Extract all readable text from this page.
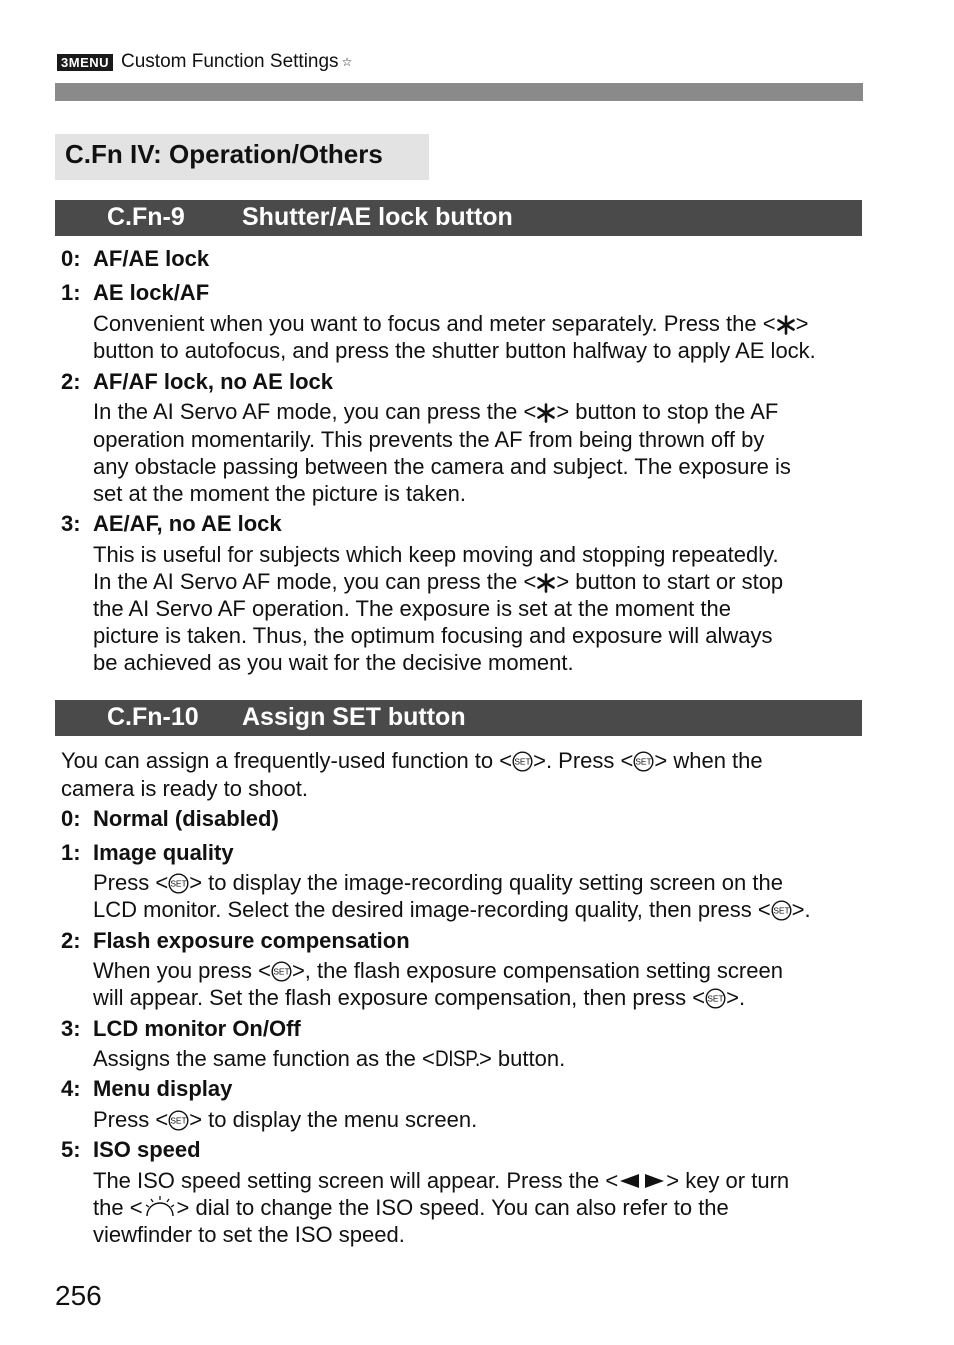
3MENU Custom Function Settings ☆
C.Fn IV: Operation/Others
C.Fn-9 Shutter/AE lock button
0: AF/AE lock
1: AE lock/AF
Convenient when you want to focus and meter separately. Press the < >
button to autofocus, and press the shutter button halfway to apply AE lock.
2: AF/AF lock, no AE lock
In the AI Servo AF mode, you can press the < > button to stop the AF
operation momentarily. This prevents the AF from being thrown off by
any obstacle passing between the camera and subject. The exposure is
set at the moment the picture is taken.
3: AE/AF, no AE lock
This is useful for subjects which keep moving and stopping repeatedly.
In the AI Servo AF mode, you can press the < > button to start or stop
the AI Servo AF operation. The exposure is set at the moment the
picture is taken. Thus, the optimum focusing and exposure will always
be achieved as you wait for the decisive moment.
C.Fn-10 Assign SET button
You can assign a frequently-used function to < SET >. Press < SET > when the
camera is ready to shoot.
0: Normal (disabled)
1: Image quality
Press < SET > to display the image-recording quality setting screen on the
LCD monitor. Select the desired image-recording quality, then press < SET >.
2: Flash exposure compensation
When you press < SET >, the flash exposure compensation setting screen
will appear. Set the flash exposure compensation, then press < SET >.
3: LCD monitor On/Off
Assigns the same function as the <DISP.> button.
4: Menu display
Press < SET > to display the menu screen.
5: ISO speed
The ISO speed setting screen will appear. Press the < > key or turn
the < > dial to change the ISO speed. You can also refer to the
viewfinder to set the ISO speed.
256
